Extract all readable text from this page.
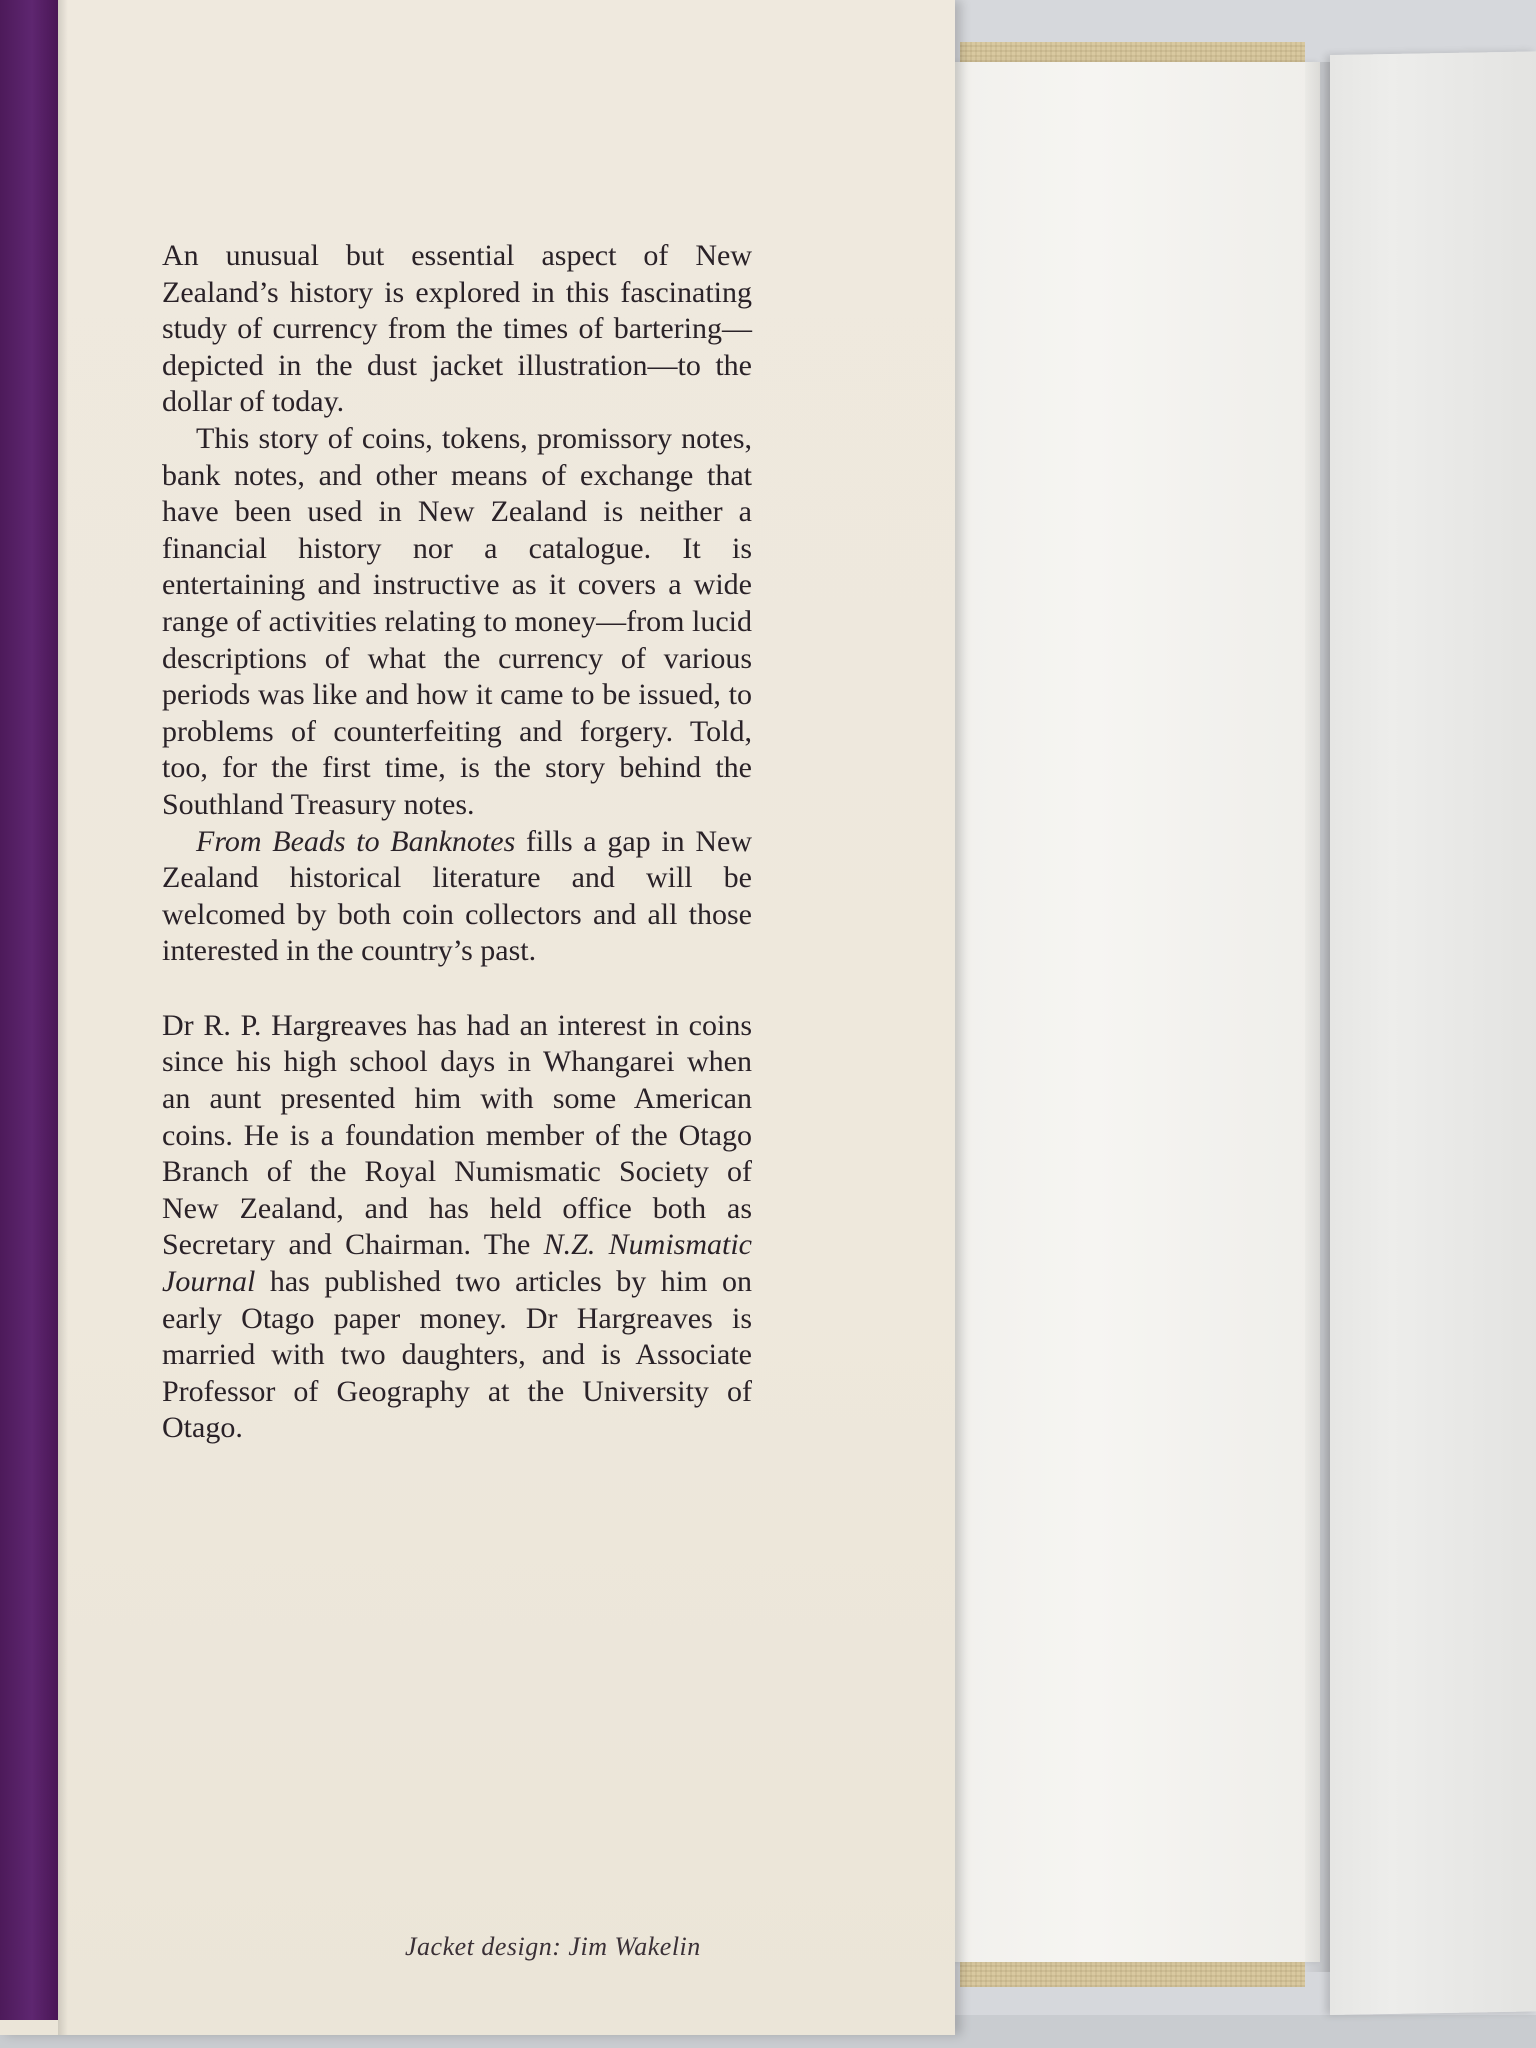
An unusual but essential aspect of New Zealand’s history is explored in this fascinating study of currency from the times of bartering—depicted in the dust jacket illustration—to the dollar of today.

This story of coins, tokens, promissory notes, bank notes, and other means of exchange that have been used in New Zealand is neither a financial history nor a catalogue. It is entertaining and instructive as it covers a wide range of activities relating to money—from lucid descriptions of what the currency of various periods was like and how it came to be issued, to problems of counterfeiting and forgery. Told, too, for the first time, is the story behind the Southland Treasury notes.

From Beads to Banknotes fills a gap in New Zealand historical literature and will be welcomed by both coin collectors and all those interested in the country’s past.

Dr R. P. Hargreaves has had an interest in coins since his high school days in Whangarei when an aunt presented him with some American coins. He is a foundation member of the Otago Branch of the Royal Numismatic Society of New Zealand, and has held office both as Secretary and Chairman. The N.Z. Numismatic Journal has published two articles by him on early Otago paper money. Dr Hargreaves is married with two daughters, and is Associate Professor of Geography at the University of Otago.

Jacket design: Jim Wakelin
